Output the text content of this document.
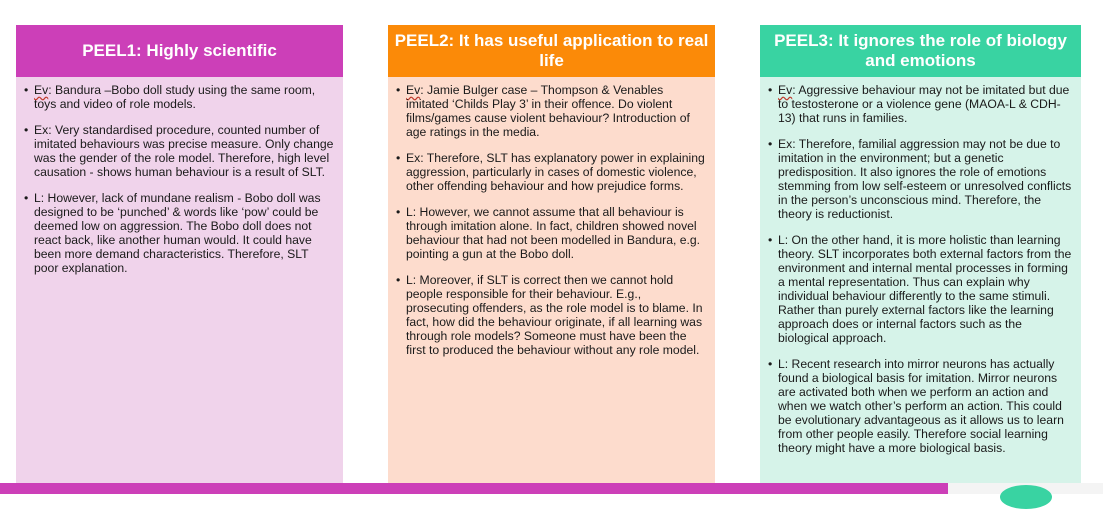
PEEL1: Highly scientific
• Ev: Bandura –Bobo doll study using the same room, toys and video of role models.
• Ex: Very standardised procedure, counted number of imitated behaviours was precise measure. Only change was the gender of the role model. Therefore, high level causation - shows human behaviour is a result of SLT.
• L: However, lack of mundane realism - Bobo doll was designed to be ‘punched’ & words like ‘pow’ could be deemed low on aggression. The Bobo doll does not react back, like another human would. It could have been more demand characteristics. Therefore, SLT poor explanation.
PEEL2: It has useful application to real life
• Ev: Jamie Bulger case – Thompson & Venables imitated ‘Childs Play 3’ in their offence. Do violent films/games cause violent behaviour? Introduction of age ratings in the media.
• Ex: Therefore, SLT has explanatory power in explaining aggression, particularly in cases of domestic violence, other offending behaviour and how prejudice forms.
• L: However, we cannot assume that all behaviour is through imitation alone. In fact, children showed novel behaviour that had not been modelled in Bandura, e.g. pointing a gun at the Bobo doll.
• L: Moreover, if SLT is correct then we cannot hold people responsible for their behaviour. E.g., prosecuting offenders, as the role model is to blame. In fact, how did the behaviour originate, if all learning was through role models? Someone must have been the first to produced the behaviour without any role model.
PEEL3: It ignores the role of biology and emotions
• Ev: Aggressive behaviour may not be imitated but due to testosterone or a violence gene (MAOA-L & CDH-13) that runs in families.
• Ex: Therefore, familial aggression may not be due to imitation in the environment; but a genetic predisposition. It also ignores the role of emotions stemming from low self-esteem or unresolved conflicts in the person’s unconscious mind. Therefore, the theory is reductionist.
• L: On the other hand, it is more holistic than learning theory. SLT incorporates both external factors from the environment and internal mental processes in forming a mental representation. Thus can explain why individual behaviour differently to the same stimuli. Rather than purely external factors like the learning approach does or internal factors such as the biological approach.
• L: Recent research into mirror neurons has actually found a biological basis for imitation. Mirror neurons are activated both when we perform an action and when we watch other’s perform an action. This could be evolutionary advantageous as it allows us to learn from other people easily. Therefore social learning theory might have a more biological basis.
